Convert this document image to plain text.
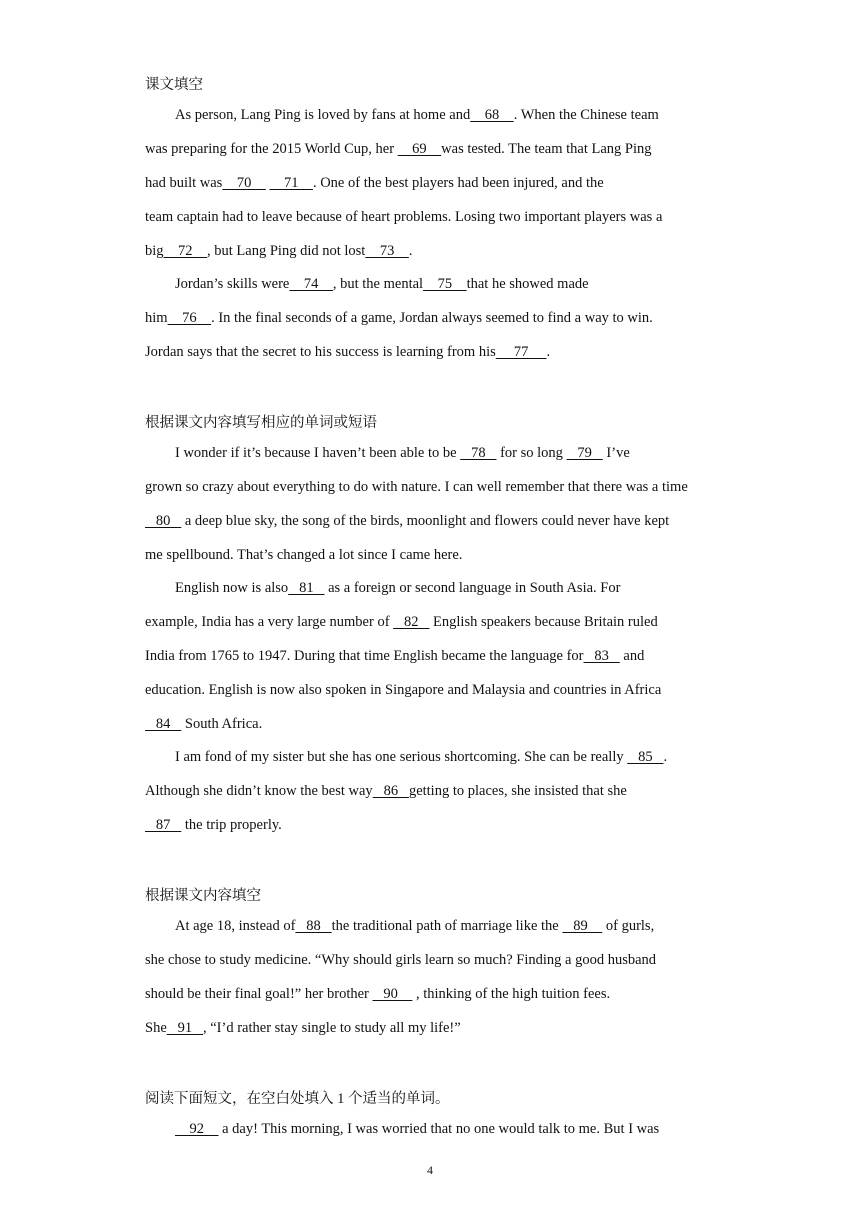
课文填空
As person, Lang Ping is loved by fans at home and    68    . When the Chinese team
was preparing for the 2015 World Cup, her     69    was tested. The team that Lang Ping
had built was    70         71    . One of the best players had been injured, and the
team captain had to leave because of heart problems. Losing two important players was a
big    72    , but Lang Ping did not lost    73    .
Jordan’s skills were    74    , but the mental    75    that he showed made
him    76    . In the final seconds of a game, Jordan always seemed to find a way to win.
Jordan says that the secret to his success is learning from his     77     .
根据课文内容填写相应的单词或短语
I wonder if it’s because I haven’t been able to be    78    for so long    79    I’ve
grown so crazy about everything to do with nature. I can well remember that there was a time
80    a deep blue sky, the song of the birds, moonlight and flowers could never have kept
me spellbound. That’s changed a lot since I came here.
English now is also   81    as a foreign or second language in South Asia. For
example, India has a very large number of    82    English speakers because Britain ruled
India from 1765 to 1947. During that time English became the language for   83    and
education. English is now also spoken in Singapore and Malaysia and countries in Africa
84    South Africa.
I am fond of my sister but she has one serious shortcoming. She can be really    85   .
Although she didn’t know the best way   86   getting to places, she insisted that she
87    the trip properly.
根据课文内容填空
At age 18, instead of   88   the traditional path of marriage like the    89     of gurls,
she chose to study medicine. “Why should girls learn so much? Finding a good husband
should be their final goal!” her brother    90     , thinking of the high tuition fees.
She   91   , “I’d rather stay single to study all my life!”
阅读下面短文，在空白处填入 1 个适当的单词。
92     a day! This morning, I was worried that no one would talk to me. But I was
4
